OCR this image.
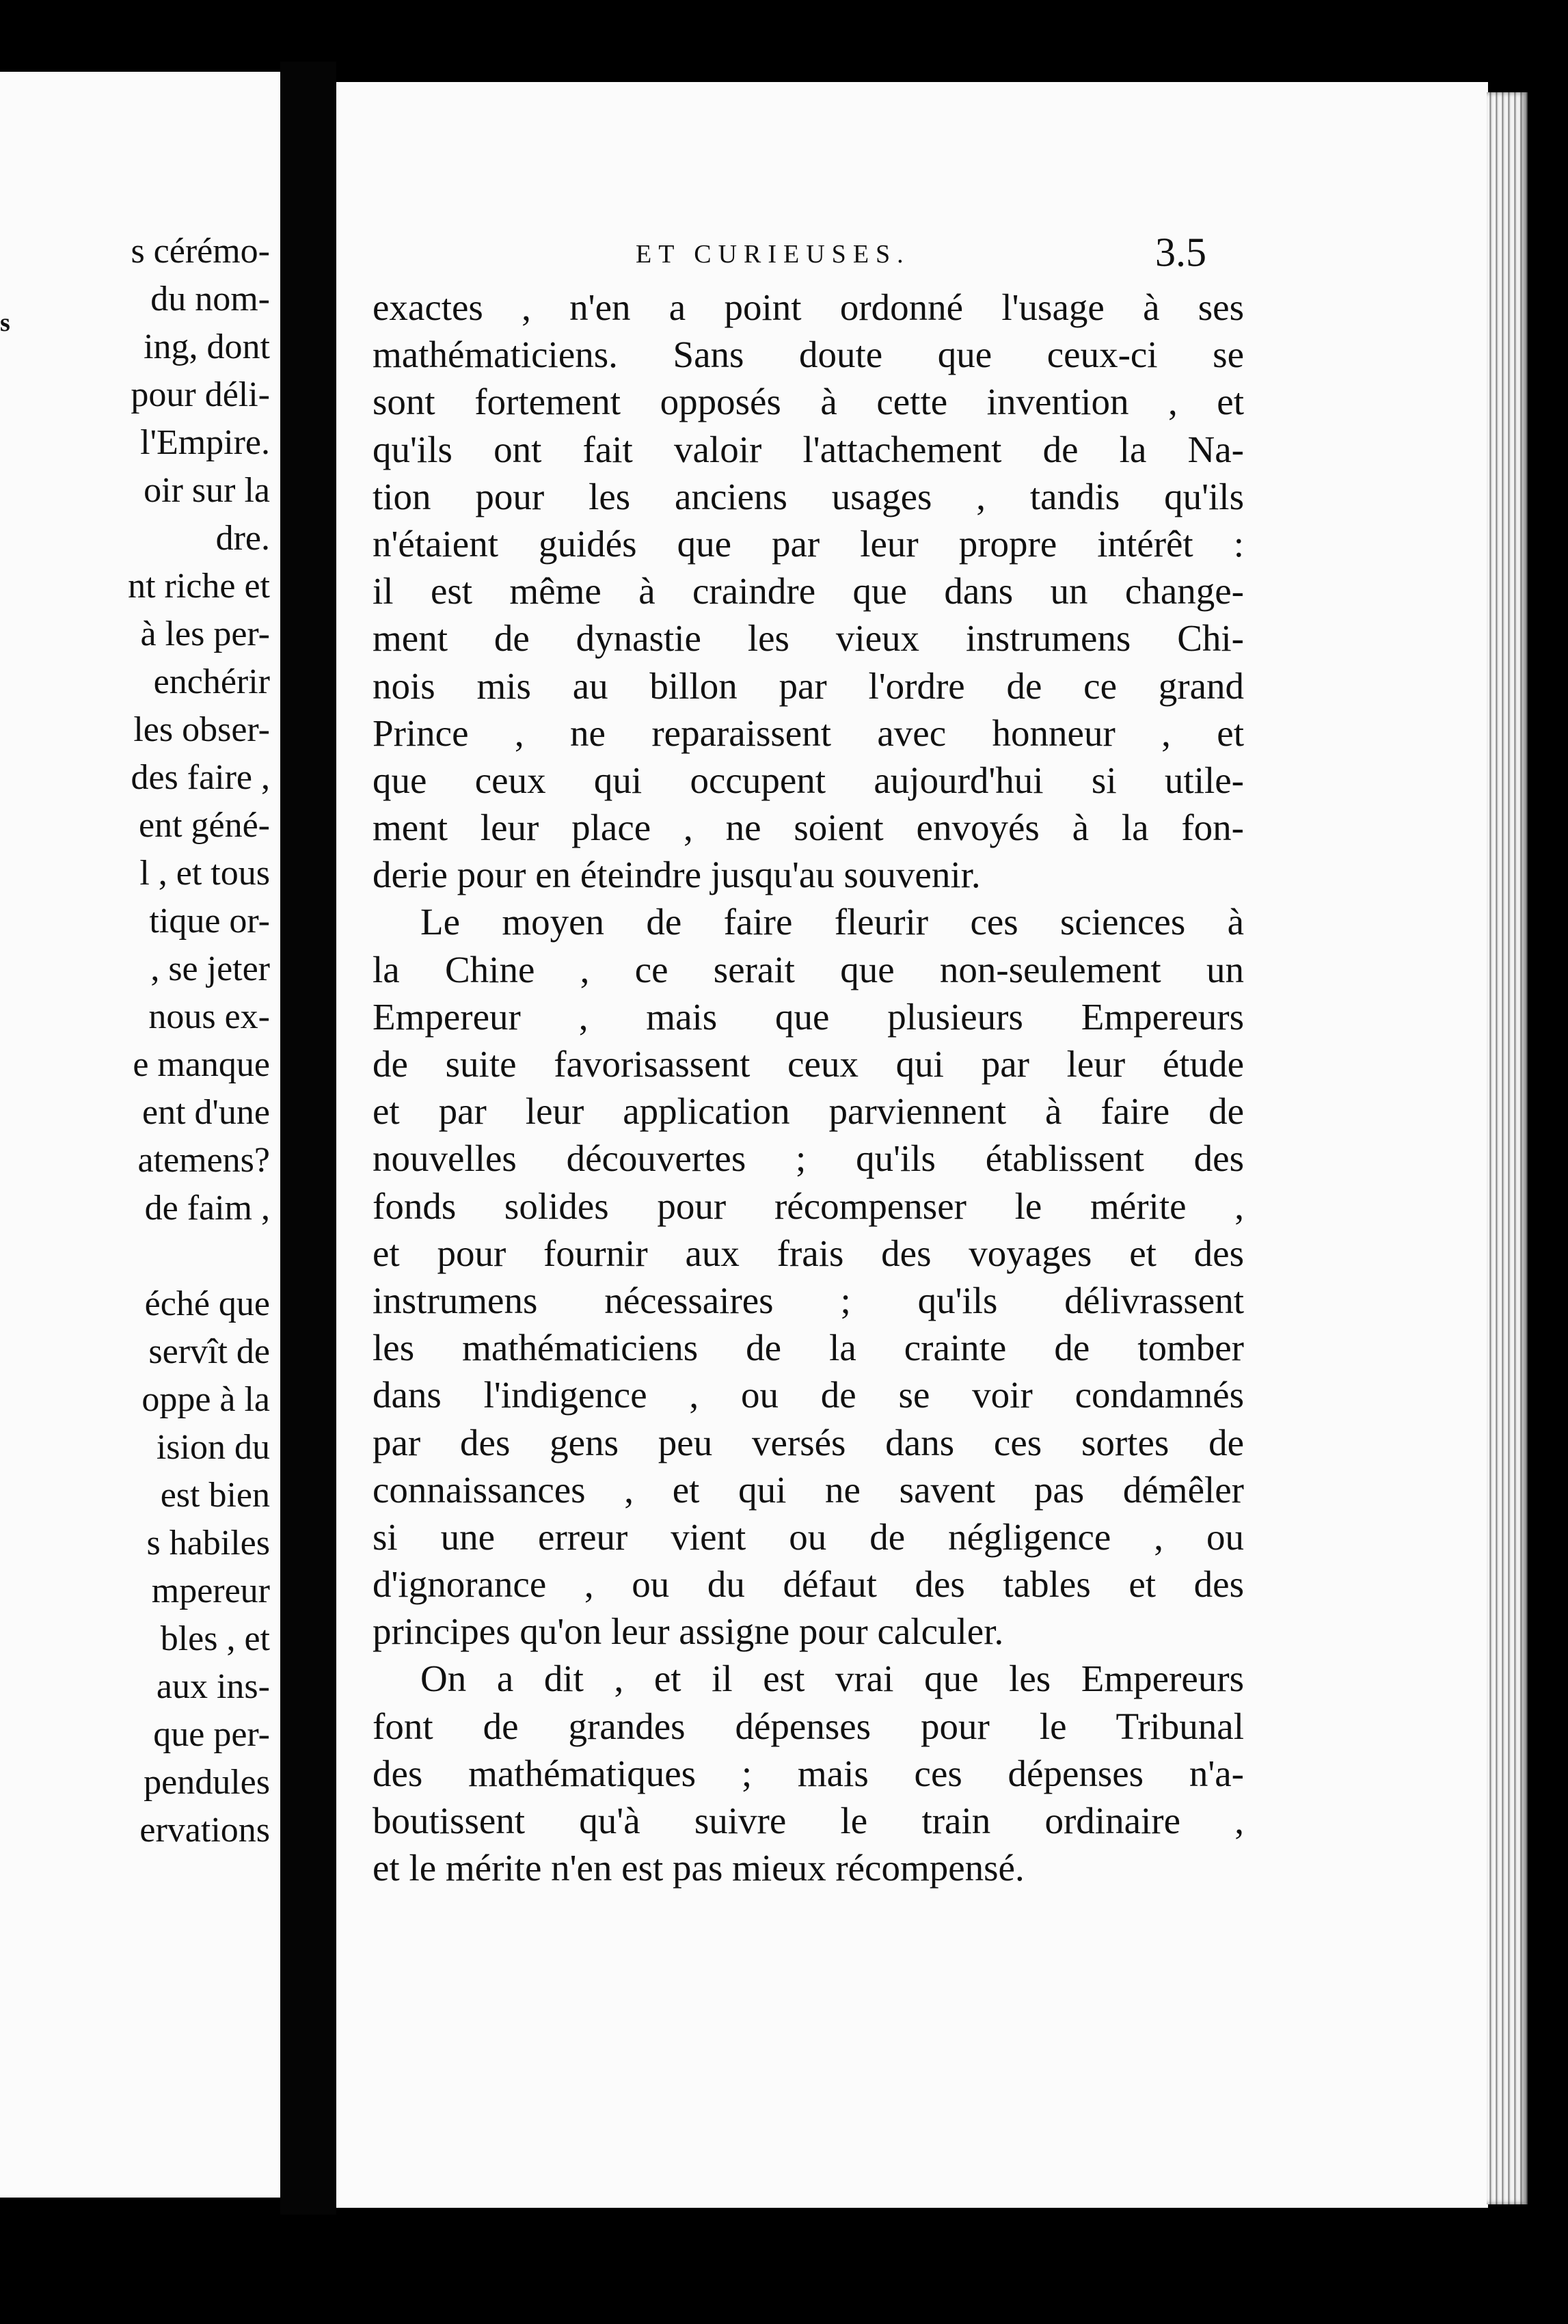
s
s cérémo-
du nom-
ing, dont
pour déli-
l'Empire.
oir sur la
dre.
nt riche et
à les per-
enchérir
les obser-
des faire ,
ent géné-
l , et tous
tique or-
, se jeter
nous ex-
e manque
ent d'une
atemens?
de faim ,

éché que
servît de
oppe à la
ision du
est bien
s habiles
mpereur
bles , et
aux ins-
que per-
pendules
ervations
ET CURIEUSES.	3.5
exactes , n'en a point ordonné l'usage à ses
mathématiciens. Sans doute que ceux-ci se
sont fortement opposés à cette invention , et
qu'ils ont fait valoir l'attachement de la Na-
tion pour les anciens usages , tandis qu'ils
n'étaient guidés que par leur propre intérêt :
il est même à craindre que dans un change-
ment de dynastie les vieux instrumens Chi-
nois mis au billon par l'ordre de ce grand
Prince , ne reparaissent avec honneur , et
que ceux qui occupent aujourd'hui si utile-
ment leur place , ne soient envoyés à la fon-
derie pour en éteindre jusqu'au souvenir.
Le moyen de faire fleurir ces sciences à
la Chine , ce serait que non-seulement un
Empereur , mais que plusieurs Empereurs
de suite favorisassent ceux qui par leur étude
et par leur application parviennent à faire de
nouvelles découvertes ; qu'ils établissent des
fonds solides pour récompenser le mérite ,
et pour fournir aux frais des voyages et des
instrumens nécessaires ; qu'ils délivrassent
les mathématiciens de la crainte de tomber
dans l'indigence , ou de se voir condamnés
par des gens peu versés dans ces sortes de
connaissances , et qui ne savent pas démêler
si une erreur vient ou de négligence , ou
d'ignorance , ou du défaut des tables et des
principes qu'on leur assigne pour calculer.
On a dit , et il est vrai que les Empereurs
font de grandes dépenses pour le Tribunal
des mathématiques ; mais ces dépenses n'a-
boutissent qu'à suivre le train ordinaire ,
et le mérite n'en est pas mieux récompensé.
